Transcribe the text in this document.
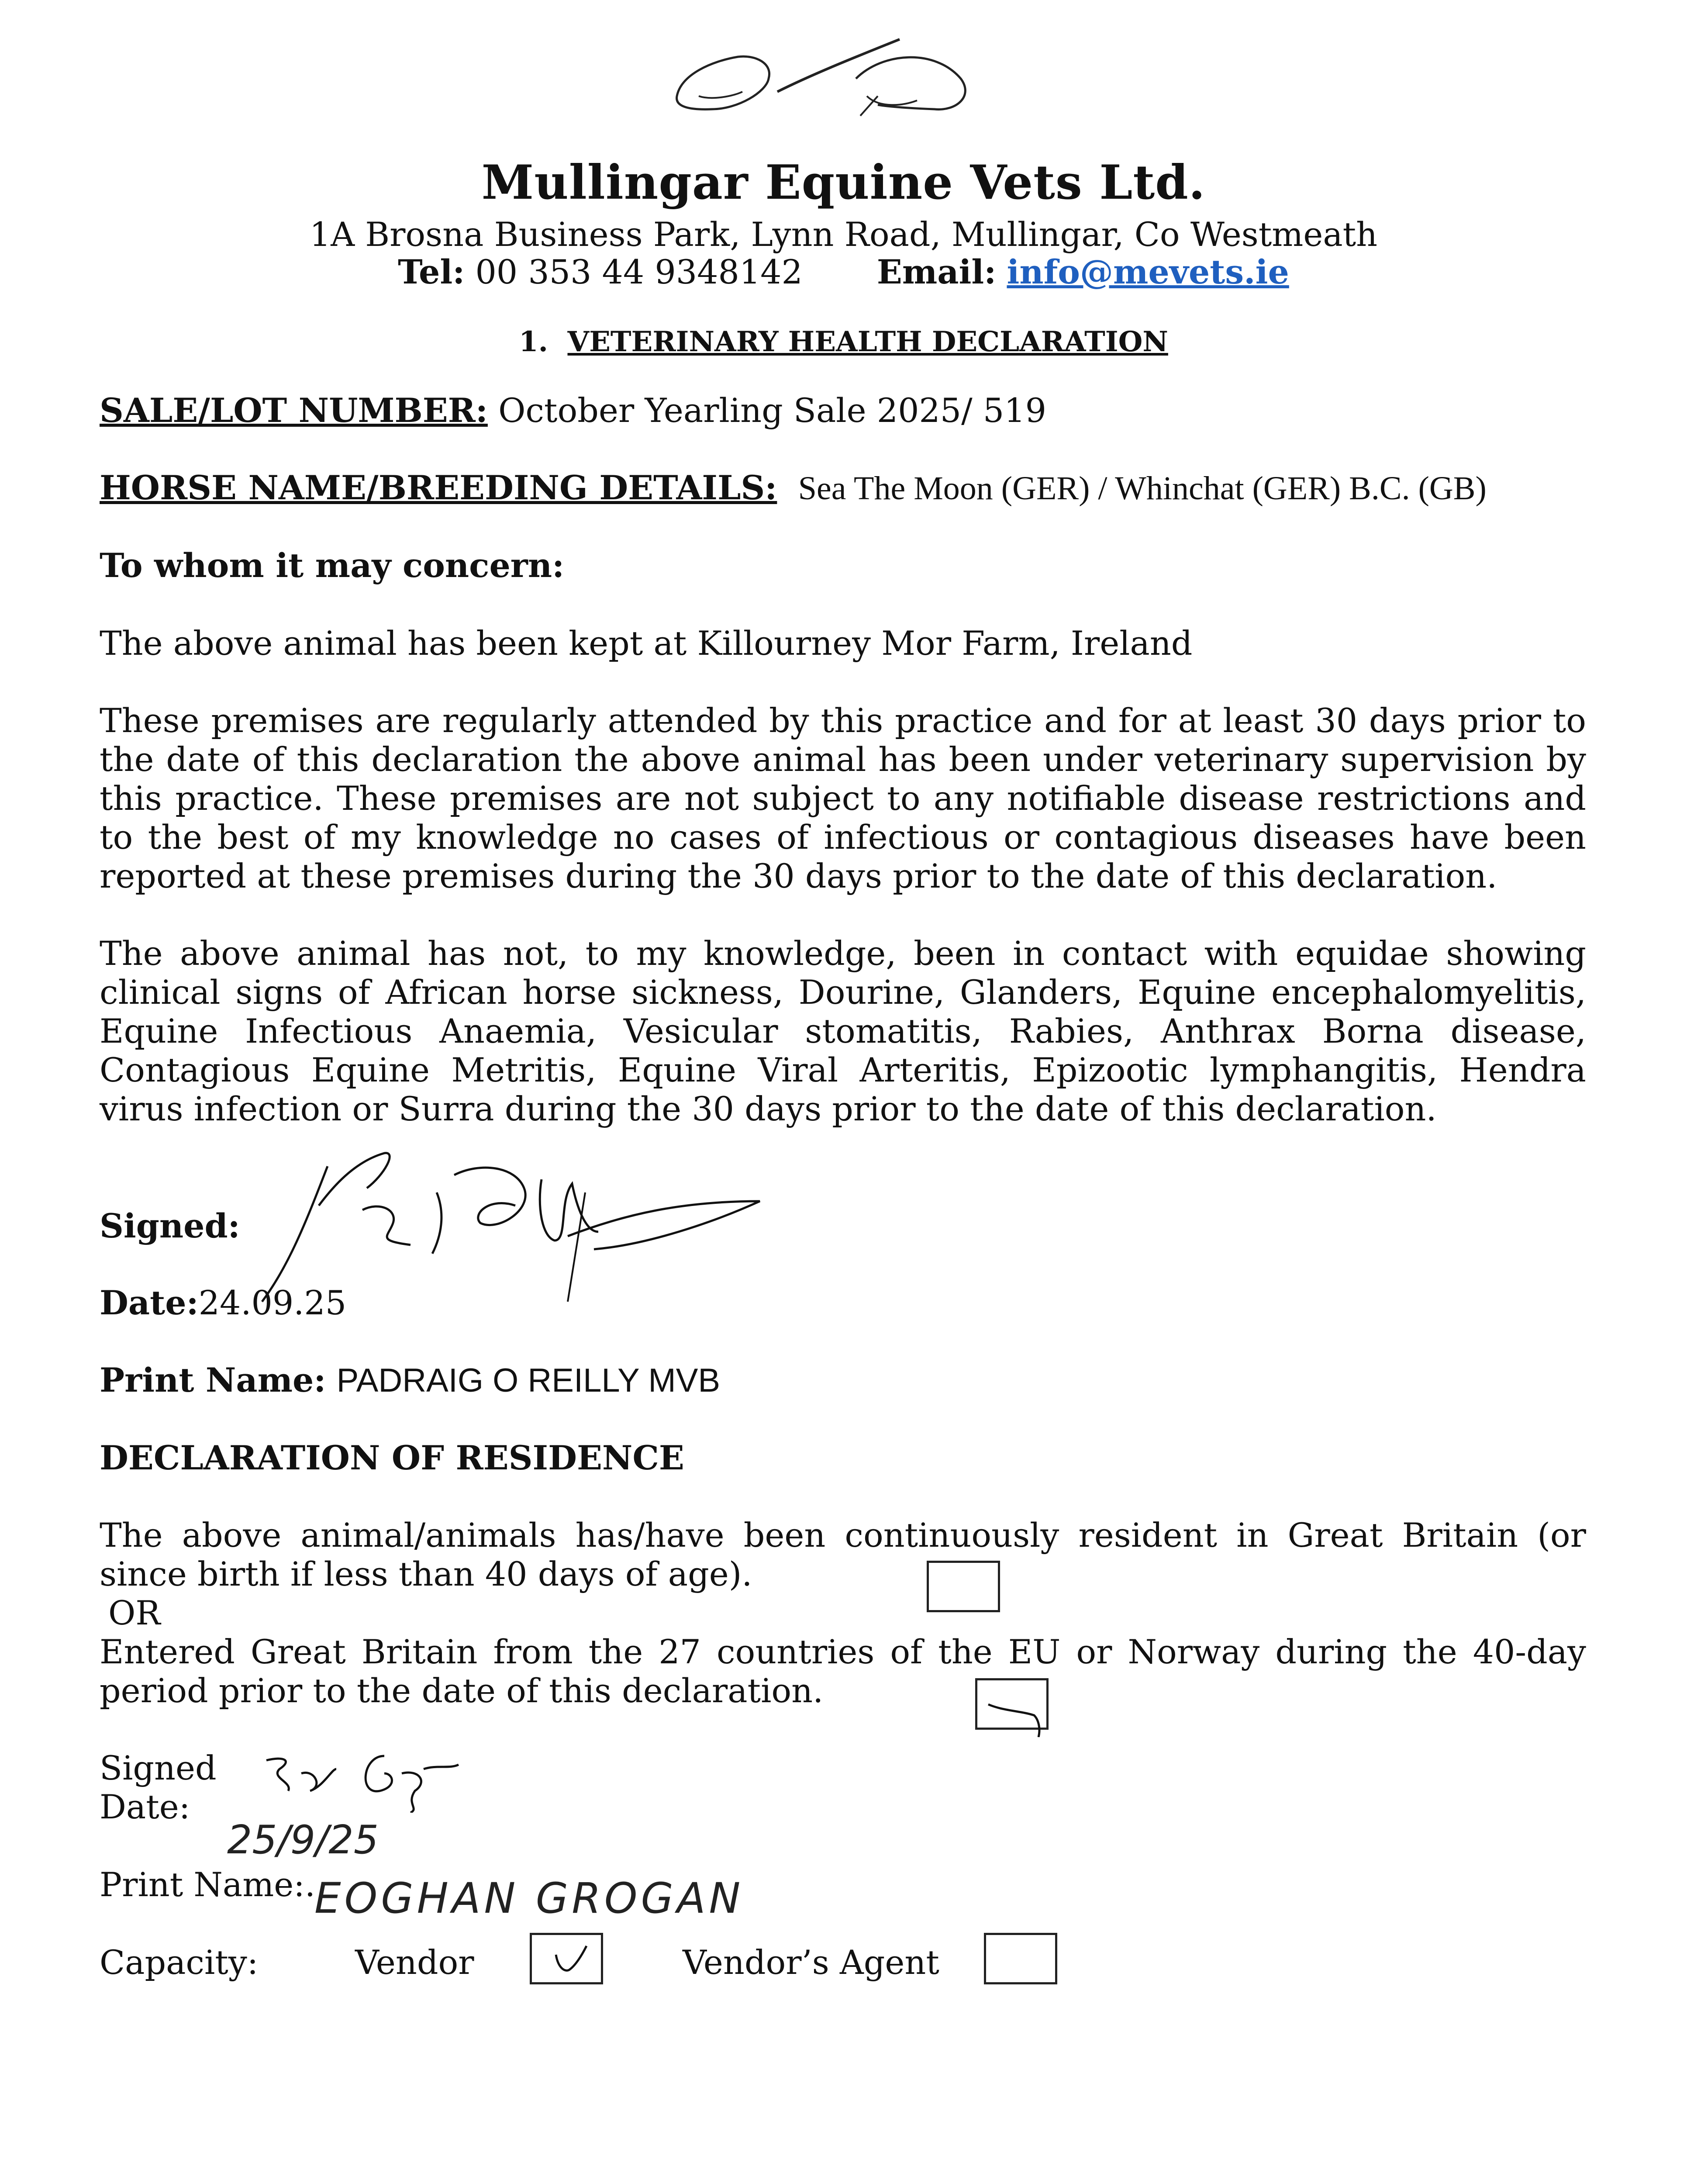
Mullingar Equine Vets Ltd.
1A Brosna Business Park, Lynn Road, Mullingar, Co Westmeath
Tel: 00 353 44 9348142 Email: info@mevets.ie
1. VETERINARY HEALTH DECLARATION
SALE/LOT NUMBER: October Yearling Sale 2025/ 519
HORSE NAME/BREEDING DETAILS: Sea The Moon (GER) / Whinchat (GER) B.C. (GB)
To whom it may concern:
The above animal has been kept at Killourney Mor Farm, Ireland
These premises are regularly attended by this practice and for at least 30 days prior to the date of this declaration the above animal has been under veterinary supervision by this practice. These premises are not subject to any notifiable disease restrictions and to the best of my knowledge no cases of infectious or contagious diseases have been reported at these premises during the 30 days prior to the date of this declaration.
The above animal has not, to my knowledge, been in contact with equidae showing clinical signs of African horse sickness, Dourine, Glanders, Equine encephalomyelitis, Equine Infectious Anaemia, Vesicular stomatitis, Rabies, Anthrax Borna disease, Contagious Equine Metritis, Equine Viral Arteritis, Epizootic lymphangitis, Hendra virus infection or Surra during the 30 days prior to the date of this declaration.
Signed:
Date:24.09.25
Print Name: PADRAIG O REILLY MVB
DECLARATION OF RESIDENCE
The above animal/animals has/have been continuously resident in Great Britain (or since birth if less than 40 days of age).
OR
Entered Great Britain from the 27 countries of the EU or Norway during the 40-day period prior to the date of this declaration.
Signed
Date:
25/9/25
Print Name:.
EOGHAN GROGAN
Capacity:	Vendor	Vendor’s Agent
